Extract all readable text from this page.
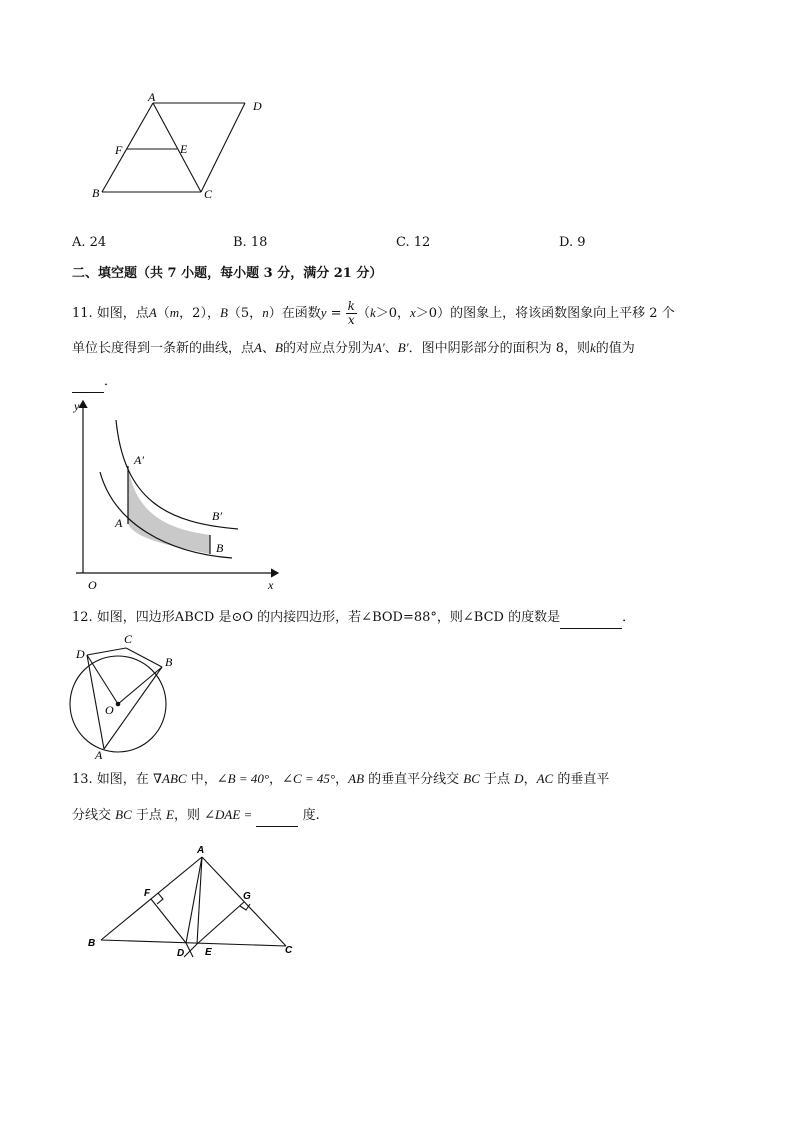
A
D
F	E
B	C
A. 24	B. 18	C. 12	D. 9
二、填空题（共 7 小题，每小题 3 分，满分 21 分）
11. 如图，点A（m，2），B（5，n）在函数$y = \frac{k}{x} (k>0$，x＞0）的图象上，将该函数图象向上平移 2 个
单位长度得到一条新的曲线，点A、B的对应点分别为A′、B′．图中阴影部分的面积为 8，则k的值为
．
y
x
O
A′
A	B′
B
12. 如图，四边形ABCD 是⊙O 的内接四边形，若∠BOD=88°，则∠BCD 的度数是	．
D
C
B
O
A
13. 如图，在 ∇ABC 中，∠B = 40°，∠C = 45°，AB 的垂直平分线交 BC 于点 D，AC 的垂直平
分线交 BC 于点 E，则 ∠DAE =	度.
A
F	G
B
D E	C
